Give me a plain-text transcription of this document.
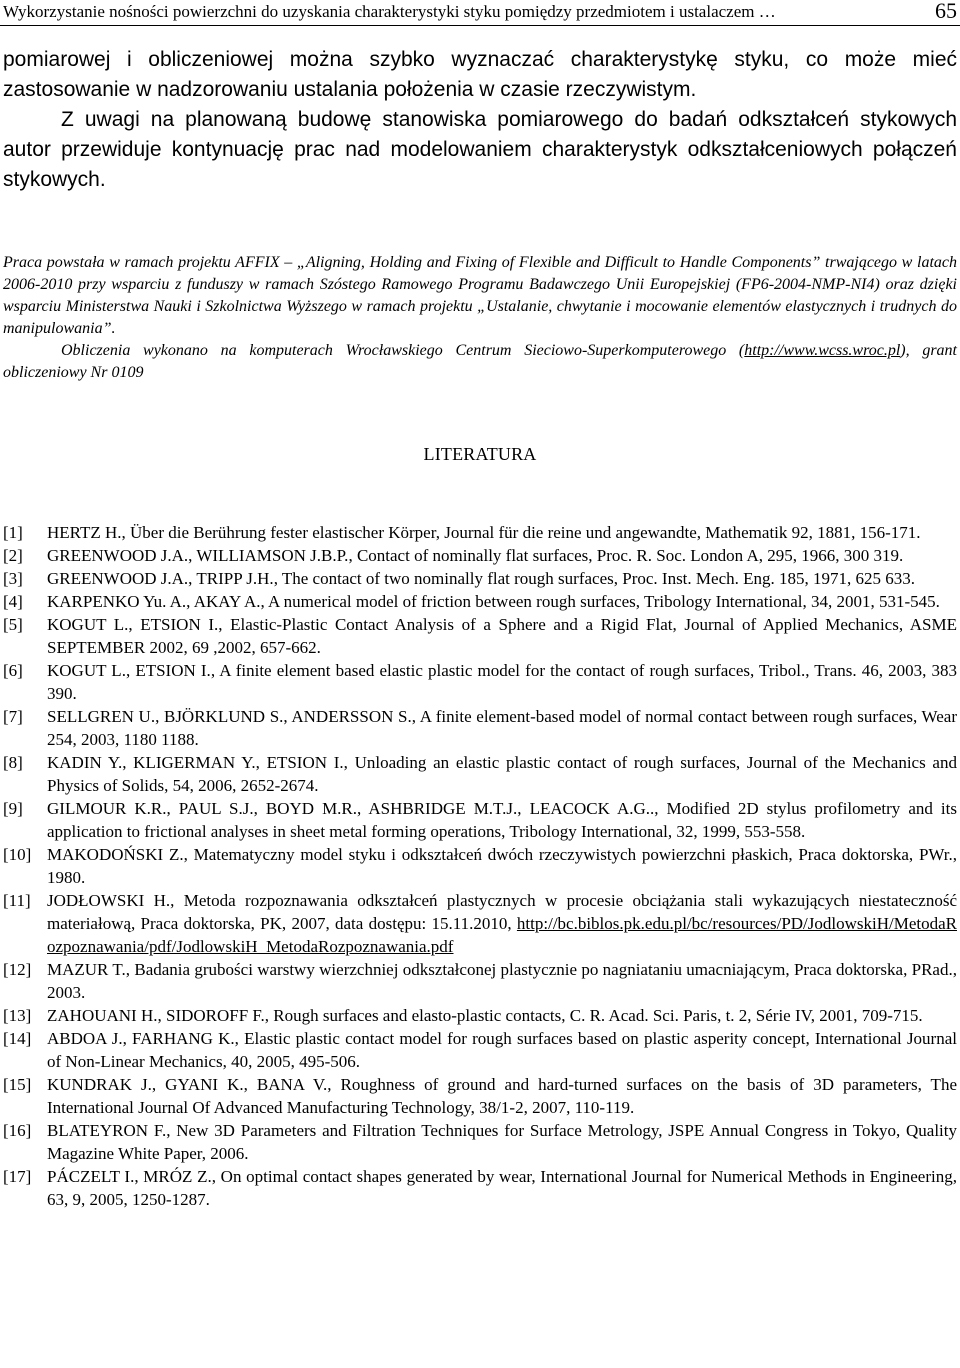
Wykorzystanie nośności powierzchni do uzyskania charakterystyki styku pomiędzy przedmiotem i ustalaczem …	65

pomiarowej i obliczeniowej można szybko wyznaczać charakterystykę styku, co może mieć zastosowanie w nadzorowaniu ustalania położenia w czasie rzeczywistym.

Z uwagi na planowaną budowę stanowiska pomiarowego do badań odkształceń stykowych autor przewiduje kontynuację prac nad modelowaniem charakterystyk odkształceniowych połączeń stykowych.

Praca powstała w ramach projektu AFFIX – „Aligning, Holding and Fixing of Flexible and Difficult to Handle Components” trwającego w latach 2006-2010 przy wsparciu z funduszy w ramach Szóstego Ramowego Programu Badawczego Unii Europejskiej (FP6-2004-NMP-NI4) oraz dzięki wsparciu Ministerstwa Nauki i Szkolnictwa Wyższego w ramach projektu „Ustalanie, chwytanie i mocowanie elementów elastycznych i trudnych do manipulowania”.

Obliczenia wykonano na komputerach Wrocławskiego Centrum Sieciowo-Superkomputerowego (http://www.wcss.wroc.pl), grant obliczeniowy Nr 0109

LITERATURA
[1]	HERTZ H., Über die Berührung fester elastischer Körper, Journal für die reine und angewandte, Mathematik 92, 1881, 156-171.
[2]	GREENWOOD J.A., WILLIAMSON J.B.P., Contact of nominally flat surfaces, Proc. R. Soc. London A, 295, 1966, 300 319.
[3]	GREENWOOD J.A., TRIPP J.H., The contact of two nominally flat rough surfaces, Proc. Inst. Mech. Eng. 185, 1971, 625 633.
[4]	KARPENKO Yu. A., AKAY A., A numerical model of friction between rough surfaces, Tribology International, 34, 2001, 531-545.
[5]	KOGUT L., ETSION I., Elastic-Plastic Contact Analysis of a Sphere and a Rigid Flat, Journal of Applied Mechanics, ASME SEPTEMBER 2002, 69 ,2002, 657-662.
[6]	KOGUT L., ETSION I., A finite element based elastic plastic model for the contact of rough surfaces, Tribol., Trans. 46, 2003, 383 390.
[7]	SELLGREN U., BJÖRKLUND S., ANDERSSON S., A finite element-based model of normal contact between rough surfaces, Wear 254, 2003, 1180 1188.
[8]	KADIN Y., KLIGERMAN Y., ETSION I., Unloading an elastic plastic contact of rough surfaces, Journal of the Mechanics and Physics of Solids, 54, 2006, 2652-2674.
[9]	GILMOUR K.R., PAUL S.J., BOYD M.R., ASHBRIDGE M.T.J., LEACOCK A.G.., Modified 2D stylus profilometry and its application to frictional analyses in sheet metal forming operations, Tribology International, 32, 1999, 553-558.
[10] MAKODOŃSKI Z., Matematyczny model styku i odkształceń dwóch rzeczywistych powierzchni płaskich, Praca doktorska, PWr., 1980.
[11] JODŁOWSKI H., Metoda rozpoznawania odkształceń plastycznych w procesie obciążania stali wykazujących niestateczność materiałową, Praca doktorska, PK, 2007, data dostępu: 15.11.2010, http://bc.biblos.pk.edu.pl/bc/resources/PD/JodlowskiH/MetodaRozpoznawania/pdf/JodlowskiH_MetodaRozpoznawania.pdf
[12] MAZUR T., Badania grubości warstwy wierzchniej odkształconej plastycznie po nagniataniu umacniającym, Praca doktorska, PRad., 2003.
[13] ZAHOUANI H., SIDOROFF F., Rough surfaces and elasto-plastic contacts, C. R. Acad. Sci. Paris, t. 2, Série IV, 2001, 709-715.
[14] ABDOA J., FARHANG K., Elastic plastic contact model for rough surfaces based on plastic asperity concept, International Journal of Non-Linear Mechanics, 40, 2005, 495-506.
[15] KUNDRAK J., GYANI K., BANA V., Roughness of ground and hard-turned surfaces on the basis of 3D parameters, The International Journal Of Advanced Manufacturing Technology, 38/1-2, 2007, 110-119.
[16] BLATEYRON F., New 3D Parameters and Filtration Techniques for Surface Metrology, JSPE Annual Congress in Tokyo, Quality Magazine White Paper, 2006.
[17] PÁCZELT I., MRÓZ Z., On optimal contact shapes generated by wear, International Journal for Numerical Methods in Engineering, 63, 9, 2005, 1250-1287.
